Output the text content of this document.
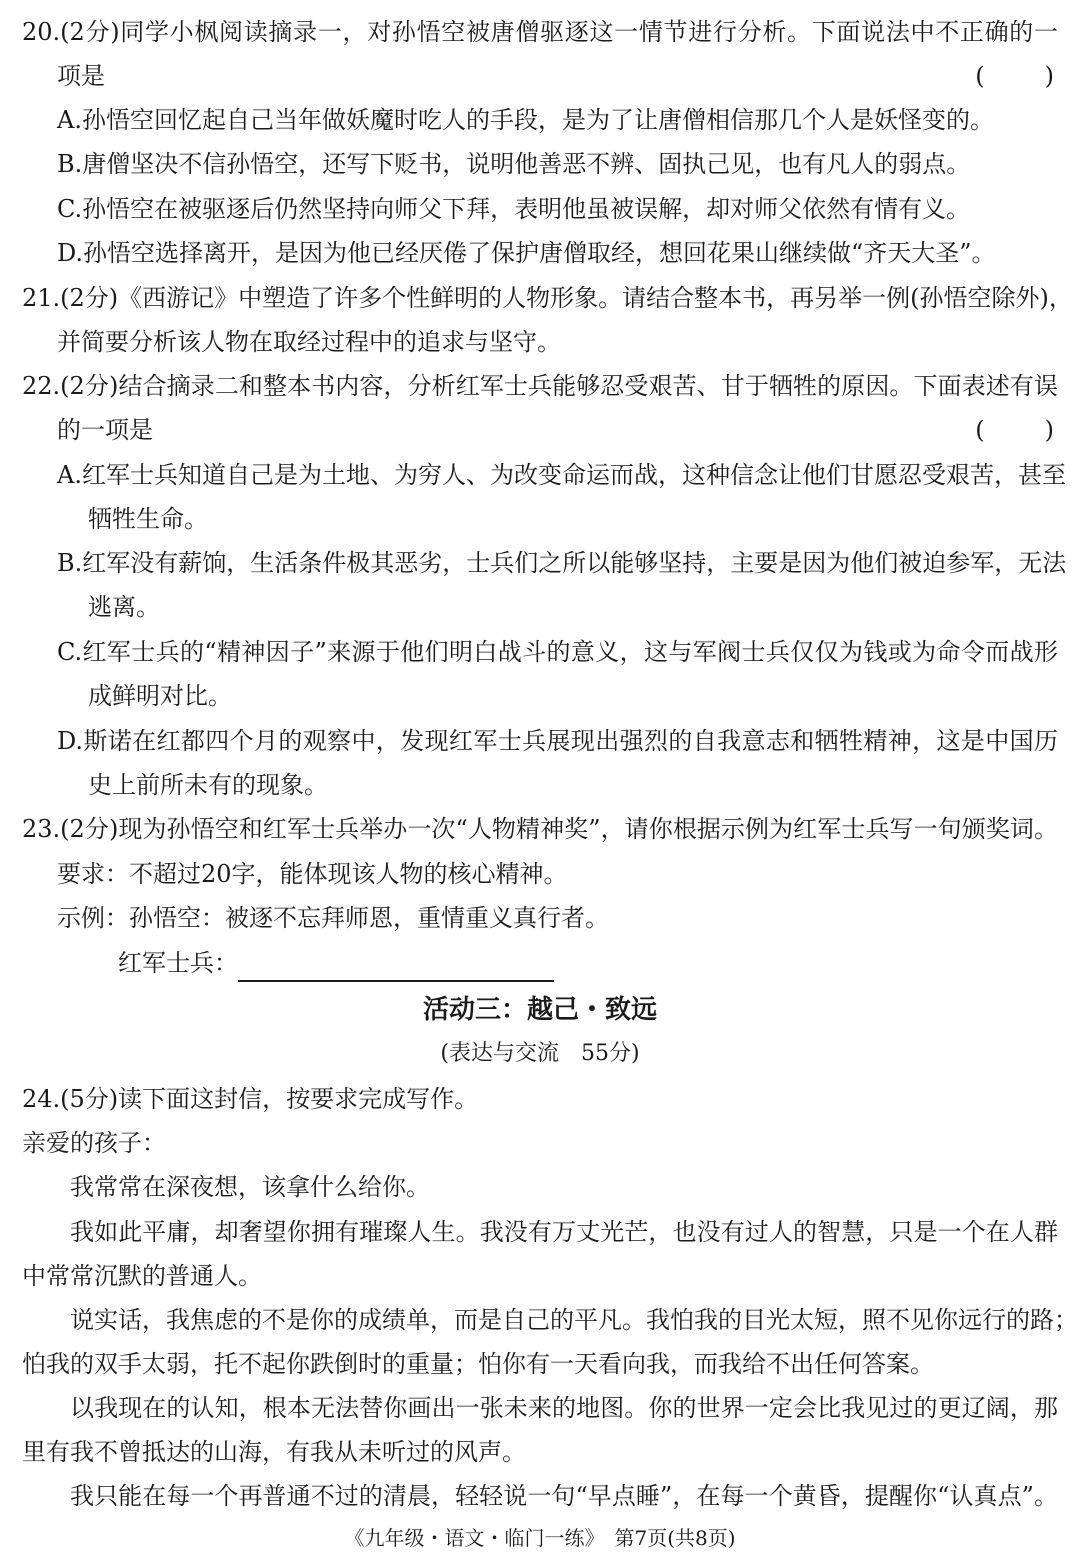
20.(2分)同学小枫阅读摘录一，对孙悟空被唐僧驱逐这一情节进行分析。下面说法中不正确的一
项是	(　　)
A.孙悟空回忆起自己当年做妖魔时吃人的手段，是为了让唐僧相信那几个人是妖怪变的。
B.唐僧坚决不信孙悟空，还写下贬书，说明他善恶不辨、固执己见，也有凡人的弱点。
C.孙悟空在被驱逐后仍然坚持向师父下拜，表明他虽被误解，却对师父依然有情有义。
D.孙悟空选择离开，是因为他已经厌倦了保护唐僧取经，想回花果山继续做“齐天大圣”。
21.(2分)《西游记》中塑造了许多个性鲜明的人物形象。请结合整本书，再另举一例(孙悟空除外)，
并简要分析该人物在取经过程中的追求与坚守。
22.(2分)结合摘录二和整本书内容，分析红军士兵能够忍受艰苦、甘于牺牲的原因。下面表述有误
的一项是	(　　)
A.红军士兵知道自己是为土地、为穷人、为改变命运而战，这种信念让他们甘愿忍受艰苦，甚至
牺牲生命。
B.红军没有薪饷，生活条件极其恶劣，士兵们之所以能够坚持，主要是因为他们被迫参军，无法
逃离。
C.红军士兵的“精神因子”来源于他们明白战斗的意义，这与军阀士兵仅仅为钱或为命令而战形
成鲜明对比。
D.斯诺在红都四个月的观察中，发现红军士兵展现出强烈的自我意志和牺牲精神，这是中国历
史上前所未有的现象。
23.(2分)现为孙悟空和红军士兵举办一次“人物精神奖”，请你根据示例为红军士兵写一句颁奖词。
要求：不超过20字，能体现该人物的核心精神。
示例：孙悟空：被逐不忘拜师恩，重情重义真行者。
红军士兵：
活动三：越己・致远
(表达与交流　55分)
24.(5分)读下面这封信，按要求完成写作。
亲爱的孩子：
我常常在深夜想，该拿什么给你。
我如此平庸，却奢望你拥有璀璨人生。我没有万丈光芒，也没有过人的智慧，只是一个在人群
中常常沉默的普通人。
说实话，我焦虑的不是你的成绩单，而是自己的平凡。我怕我的目光太短，照不见你远行的路；
怕我的双手太弱，托不起你跌倒时的重量；怕你有一天看向我，而我给不出任何答案。
以我现在的认知，根本无法替你画出一张未来的地图。你的世界一定会比我见过的更辽阔，那
里有我不曾抵达的山海，有我从未听过的风声。
我只能在每一个再普通不过的清晨，轻轻说一句“早点睡”，在每一个黄昏，提醒你“认真点”。
《九年级・语文・临门一练》　第7页(共8页)
